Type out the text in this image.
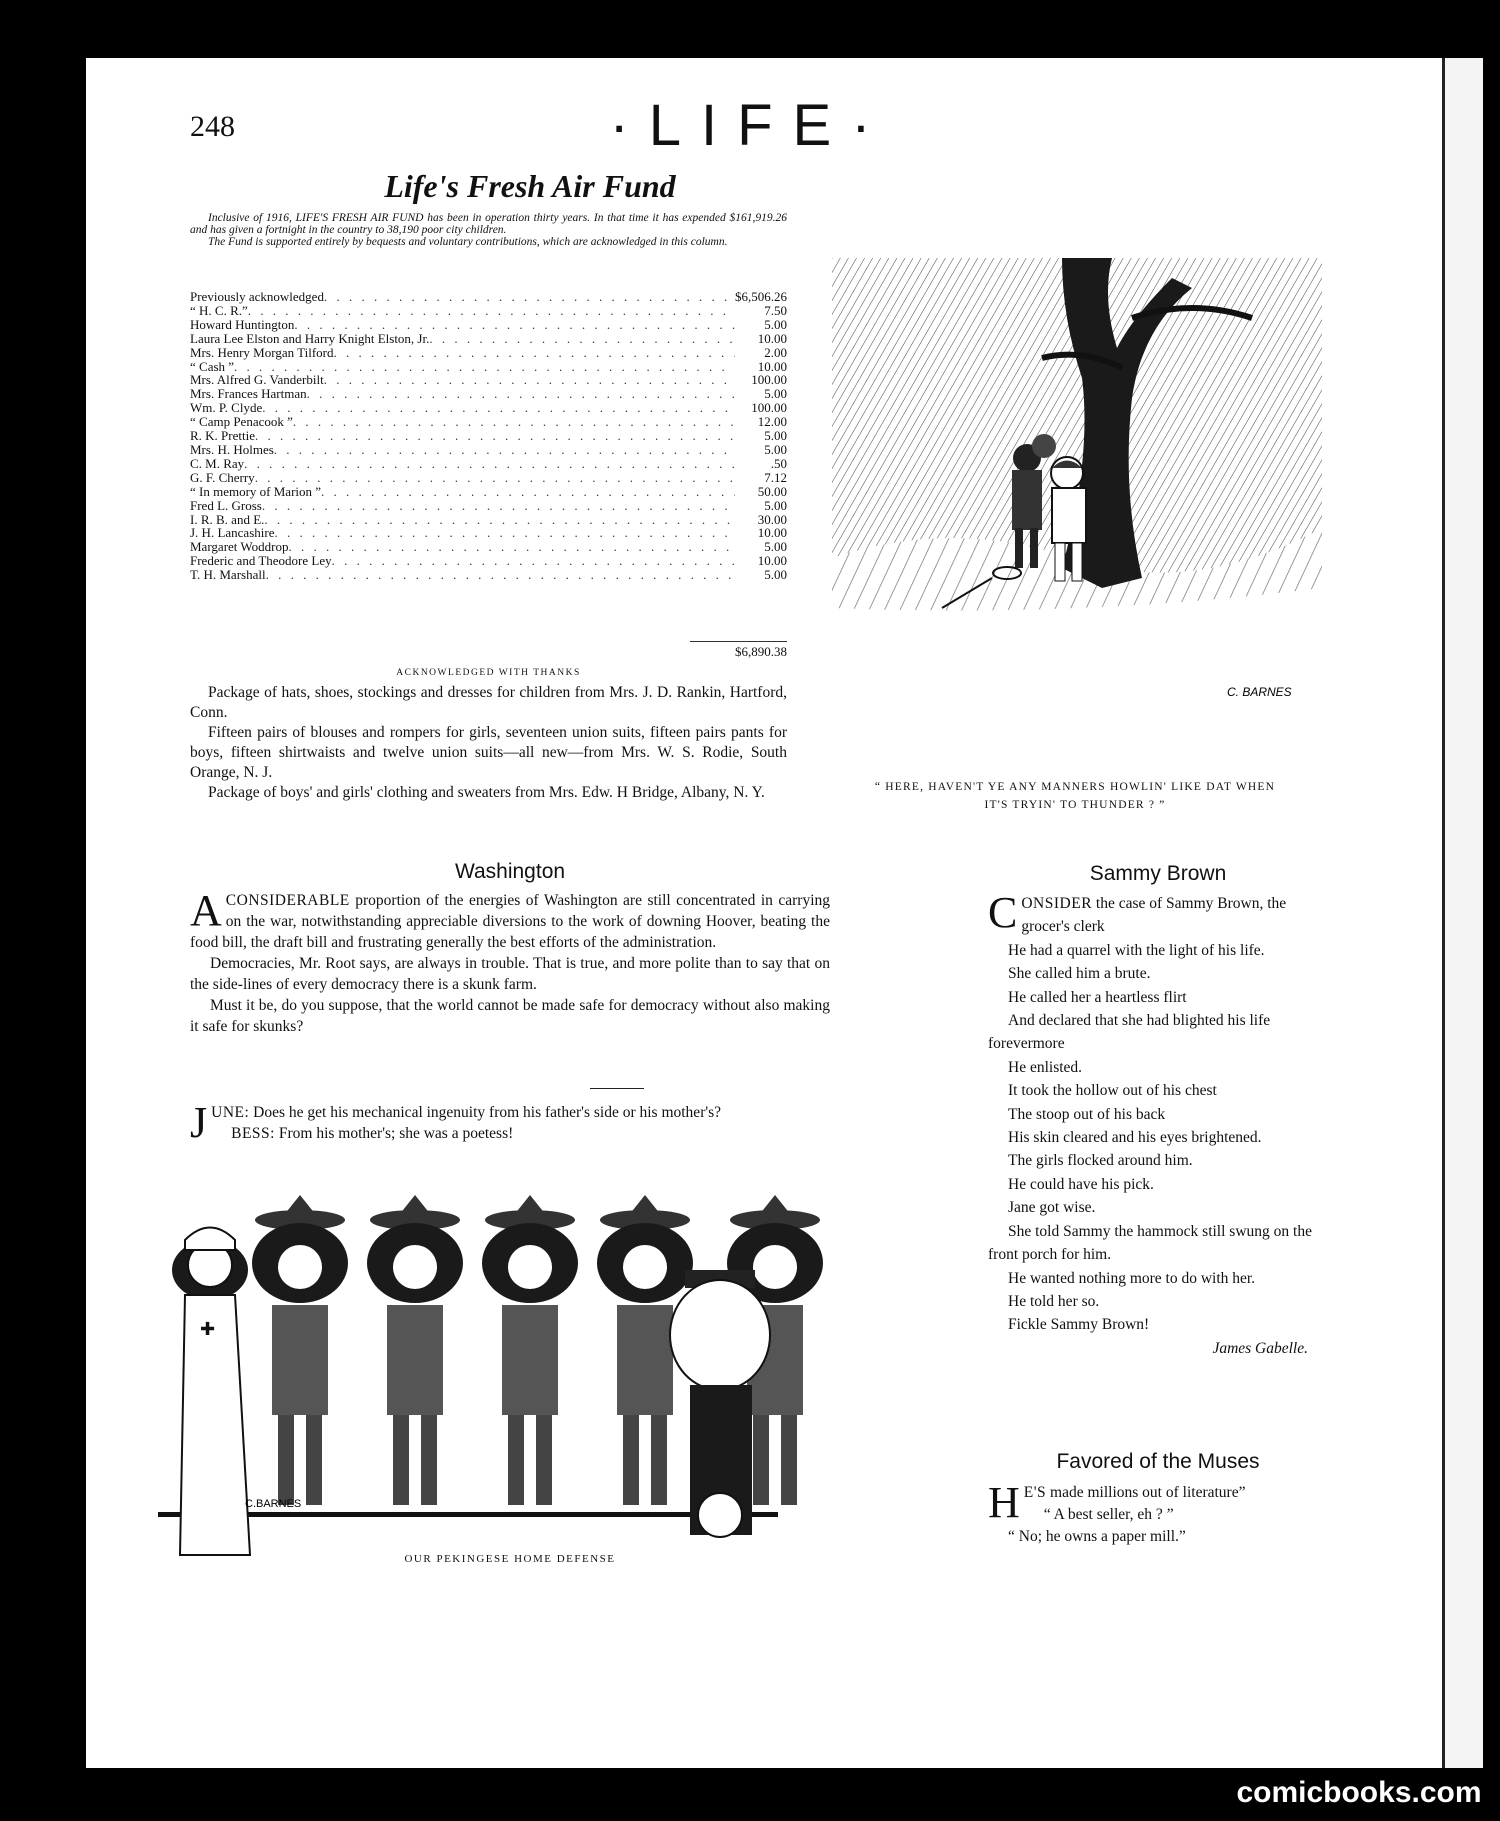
248	·LIFE·
Life's Fresh Air Fund

Inclusive of 1916, LIFE'S FRESH AIR FUND has been in operation thirty years. In that time it has expended $161,919.26 and has given a fortnight in the country to 38,190 poor city children.

The Fund is supported entirely by bequests and voluntary contributions, which are acknowledged in this column.

Previously acknowledged . . .	$6,506.26
“ H. C. R.” . . .	7.50
Howard Huntington . . .	5.00
Laura Lee Elston and Harry Knight Elston, Jr. . . .	10.00
Mrs. Henry Morgan Tilford . . .	2.00
“ Cash ” . . .	10.00
Mrs. Alfred G. Vanderbilt . . .	100.00
Mrs. Frances Hartman . . .	5.00
Wm. P. Clyde . . .	100.00
“ Camp Penacook ” . . .	12.00
R. K. Prettie . . .	5.00
Mrs. H. Holmes . . .	5.00
C. M. Ray . . .	.50
G. F. Cherry . . .	7.12
“ In memory of Marion ” . . .	50.00
Fred L. Gross . . .	5.00
I. R. B. and E. . . .	30.00
J. H. Lancashire . . .	10.00
Margaret Woddrop . . .	5.00
Frederic and Theodore Ley . . .	10.00
T. H. Marshall . . .	5.00
$6,890.38
ACKNOWLEDGED WITH THANKS

Package of hats, shoes, stockings and dresses for children from Mrs. J. D. Rankin, Hartford, Conn.

Fifteen pairs of blouses and rompers for girls, seventeen union suits, fifteen pairs pants for boys, fifteen shirtwaists and twelve union suits—all new—from Mrs. W. S. Rodie, South Orange, N. J.

Package of boys' and girls' clothing and sweaters from Mrs. Edw. H Bridge, Albany, N. Y.

C. BARNES
“ HERE, HAVEN'T YE ANY MANNERS HOWLIN' LIKE DAT WHEN
IT'S TRYIN' TO THUNDER ? ”
Washington

ACONSIDERABLE proportion of the energies of Washington are still concentrated in carrying on the war, notwithstanding appreciable diversions to the work of downing Hoover, beating the food bill, the draft bill and frustrating generally the best efforts of the administration.

Democracies, Mr. Root says, are always in trouble. That is true, and more polite than to say that on the side-lines of every democracy there is a skunk farm.

Must it be, do you suppose, that the world cannot be made safe for democracy without also making it safe for skunks?

JUNE: Does he get his mechanical ingenuity from his father's side or his mother's?

BESS: From his mother's; she was a poetess!

✚
C.BARNES
OUR PEKINGESE HOME DEFENSE
Sammy Brown

CONSIDER the case of Sammy Brown, the grocer's clerk

He had a quarrel with the light of his life.

She called him a brute.

He called her a heartless flirt

And declared that she had blighted his life forevermore

He enlisted.

It took the hollow out of his chest

The stoop out of his back

His skin cleared and his eyes brightened.

The girls flocked around him.

He could have his pick.

Jane got wise.

She told Sammy the hammock still swung on the front porch for him.

He wanted nothing more to do with her.

He told her so.

Fickle Sammy Brown!

James Gabelle.

Favored of the Muses

H E'S made millions out of literature”

“ A best seller, eh ? ”

“ No; he owns a paper mill.”

comicbooks.com
